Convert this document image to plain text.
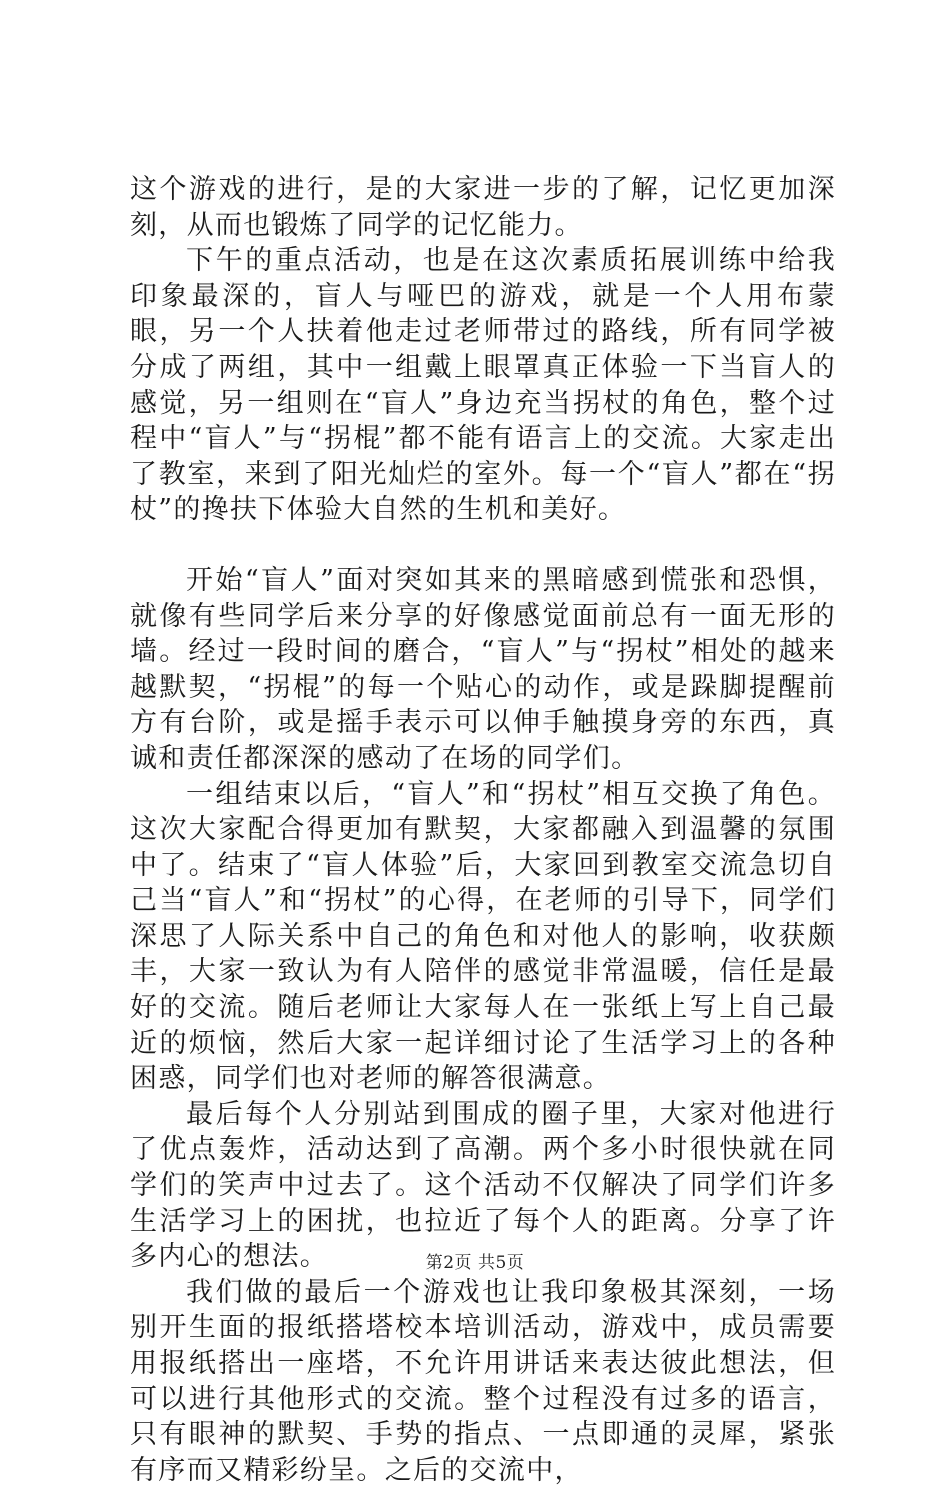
这个游戏的进行，是的大家进一步的了解，记忆更加深刻，从而也锻炼了同学的记忆能力。

下午的重点活动，也是在这次素质拓展训练中给我印象最深的，盲人与哑巴的游戏，就是一个人用布蒙眼，另一个人扶着他走过老师带过的路线，所有同学被分成了两组，其中一组戴上眼罩真正体验一下当盲人的感觉，另一组则在“盲人”身边充当拐杖的角色，整个过程中“盲人”与“拐棍”都不能有语言上的交流。大家走出了教室，来到了阳光灿烂的室外。每一个“盲人”都在“拐杖”的搀扶下体验大自然的生机和美好。

开始“盲人”面对突如其来的黑暗感到慌张和恐惧，就像有些同学后来分享的好像感觉面前总有一面无形的墙。经过一段时间的磨合，“盲人”与“拐杖”相处的越来越默契，“拐棍”的每一个贴心的动作，或是跺脚提醒前方有台阶，或是摇手表示可以伸手触摸身旁的东西，真诚和责任都深深的感动了在场的同学们。

一组结束以后，“盲人”和“拐杖”相互交换了角色。这次大家配合得更加有默契，大家都融入到温馨的氛围中了。结束了“盲人体验”后，大家回到教室交流急切自己当“盲人”和“拐杖”的心得，在老师的引导下，同学们深思了人际关系中自己的角色和对他人的影响，收获颇丰，大家一致认为有人陪伴的感觉非常温暖，信任是最好的交流。随后老师让大家每人在一张纸上写上自己最近的烦恼，然后大家一起详细讨论了生活学习上的各种困惑，同学们也对老师的解答很满意。

最后每个人分别站到围成的圈子里，大家对他进行了优点轰炸，活动达到了高潮。两个多小时很快就在同学们的笑声中过去了。这个活动不仅解决了同学们许多生活学习上的困扰，也拉近了每个人的距离。分享了许多内心的想法。

我们做的最后一个游戏也让我印象极其深刻，一场别开生面的报纸搭塔校本培训活动，游戏中，成员需要用报纸搭出一座塔，不允许用讲话来表达彼此想法，但可以进行其他形式的交流。整个过程没有过多的语言，只有眼神的默契、手势的指点、一点即通的灵犀，紧张有序而又精彩纷呈。之后的交流中，

第2页 共5页
